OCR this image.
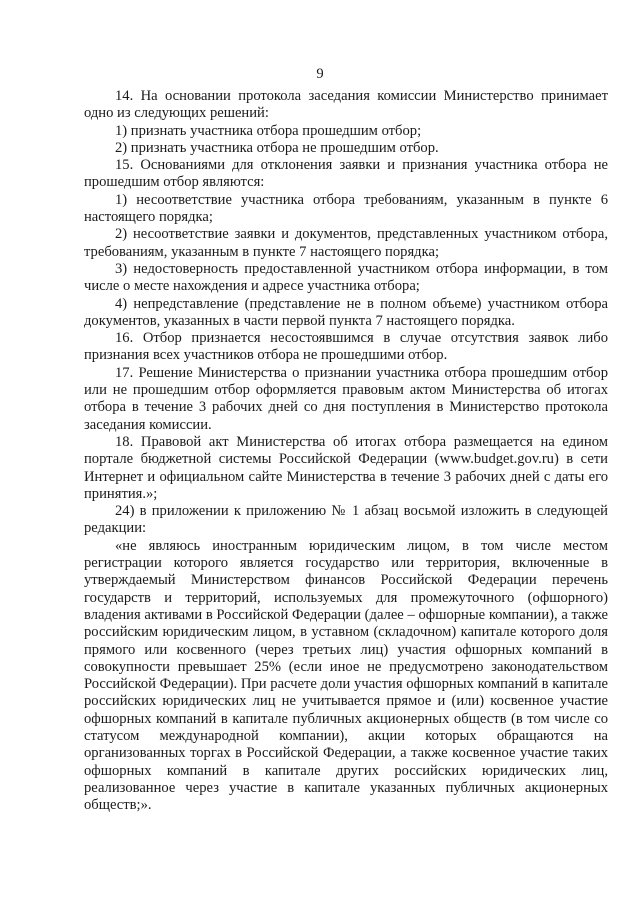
9

14. На основании протокола заседания комиссии Министерство принимает одно из следующих решений:

1) признать участника отбора прошедшим отбор;

2) признать участника отбора не прошедшим отбор.

15. Основаниями для отклонения заявки и признания участника отбора не прошедшим отбор являются:

1) несоответствие участника отбора требованиям, указанным в пункте 6 настоящего порядка;

2) несоответствие заявки и документов, представленных участником отбора, требованиям, указанным в пункте 7 настоящего порядка;

3) недостоверность предоставленной участником отбора информации, в том числе о месте нахождения и адресе участника отбора;

4) непредставление (представление не в полном объеме) участником отбора документов, указанных в части первой пункта 7 настоящего порядка.

16. Отбор признается несостоявшимся в случае отсутствия заявок либо признания всех участников отбора не прошедшими отбор.

17. Решение Министерства о признании участника отбора прошедшим отбор или не прошедшим отбор оформляется правовым актом Министерства об итогах отбора в течение 3 рабочих дней со дня поступления в Министерство протокола заседания комиссии.

18. Правовой акт Министерства об итогах отбора размещается на едином портале бюджетной системы Российской Федерации (www.budget.gov.ru) в сети Интернет и официальном сайте Министерства в течение 3 рабочих дней с даты его принятия.»;

24) в приложении к приложению № 1 абзац восьмой изложить в следующей редакции:

«не являюсь иностранным юридическим лицом, в том числе местом регистрации которого является государство или территория, включенные в утверждаемый Министерством финансов Российской Федерации перечень государств и территорий, используемых для промежуточного (офшорного) владения активами в Российской Федерации (далее – офшорные компании), а также российским юридическим лицом, в уставном (складочном) капитале которого доля прямого или косвенного (через третьих лиц) участия офшорных компаний в совокупности превышает 25% (если иное не предусмотрено законодательством Российской Федерации). При расчете доли участия офшорных компаний в капитале российских юридических лиц не учитывается прямое и (или) косвенное участие офшорных компаний в капитале публичных акционерных обществ (в том числе со статусом международной компании), акции которых обращаются на организованных торгах в Российской Федерации, а также косвенное участие таких офшорных компаний в капитале других российских юридических лиц, реализованное через участие в капитале указанных публичных акционерных обществ;».
